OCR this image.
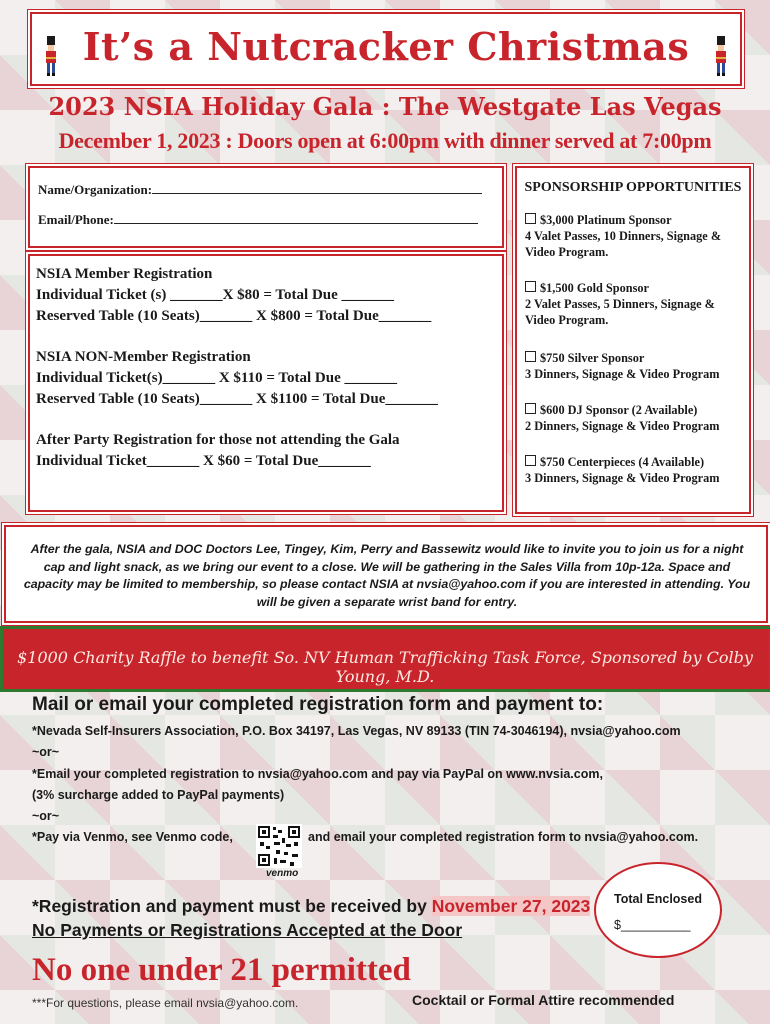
It’s a Nutcracker Christmas
2023 NSIA Holiday Gala : The Westgate Las Vegas
December 1, 2023 : Doors open at 6:00pm with dinner served at 7:00pm
Name/Organization:
Email/Phone:
NSIA Member Registration
Individual Ticket (s) _______X $80 = Total Due _______
Reserved Table (10 Seats)_______ X $800 = Total Due_______
NSIA NON-Member Registration
Individual Ticket(s)_______ X $110 = Total Due _______
Reserved Table (10 Seats)_______ X $1100 = Total Due_______
After Party Registration for those not attending the Gala
Individual Ticket_______ X $60 = Total Due_______
SPONSORSHIP OPPORTUNITIES
$3,000 Platinum Sponsor
4 Valet Passes, 10 Dinners, Signage & Video Program.
$1,500 Gold Sponsor
2 Valet Passes, 5 Dinners, Signage & Video Program.
$750 Silver Sponsor
3 Dinners, Signage & Video Program
$600 DJ Sponsor (2 Available)
2 Dinners, Signage & Video Program
$750 Centerpieces (4 Available)
3 Dinners, Signage & Video Program
After the gala, NSIA and DOC Doctors Lee, Tingey, Kim, Perry and Bassewitz would like to invite you to join us for a night cap and light snack, as we bring our event to a close. We will be gathering in the Sales Villa from 10p-12a. Space and capacity may be limited to membership, so please contact NSIA at nvsia@yahoo.com if you are interested in attending. You will be given a separate wrist band for entry.
$1000 Charity Raffle to benefit So. NV Human Trafficking Task Force, Sponsored by Colby Young, M.D.
Mail or email your completed registration form and payment to:
*Nevada Self-Insurers Association, P.O. Box 34197, Las Vegas, NV 89133 (TIN 74-3046194), nvsia@yahoo.com
~or~
*Email your completed registration to nvsia@yahoo.com and pay via PayPal on www.nvsia.com,
(3% surcharge added to PayPal payments)
~or~
*Pay via Venmo, see Venmo code,
venmo
and email your completed registration form to nvsia@yahoo.com.
*Registration and payment must be received by November 27, 2023
No Payments or Registrations Accepted at the Door
Total Enclosed
$__________
No one under 21 permitted
***For questions, please email nvsia@yahoo.com.	Cocktail or Formal Attire recommended
